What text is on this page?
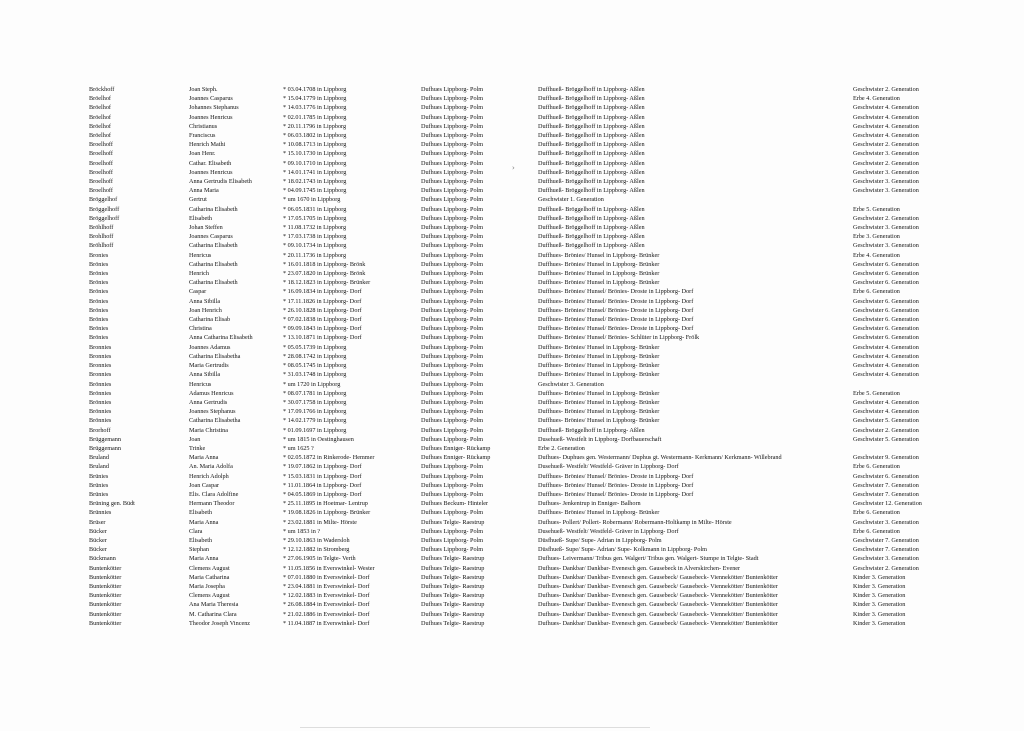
Bröckhoff	Joan Steph.	* 03.04.1708 in Lippborg	Dufhues Lippborg- Polm	Duffhueß- Bröggelhoff in Lippborg- Aßlen	Geschwister 2. Generation
Bröelhof	Joannes Casparus	* 15.04.1779 in Lippborg	Dufhues Lippborg- Polm	Duffhueß- Bröggelhoff in Lippborg- Aßlen	Erbe 4. Generation
Bröelhof	Johannes Stephanus	* 14.03.1776 in Lippborg	Dufhues Lippborg- Polm	Duffhueß- Bröggelhoff in Lippborg- Aßlen	Geschwister 4. Generation
Bröelhof	Joannes Henricus	* 02.01.1785 in Lippborg	Dufhues Lippborg- Polm	Duffhueß- Bröggelhoff in Lippborg- Aßlen	Geschwister 4. Generation
Bröelhof	Christianus	* 20.11.1796 in Lippborg	Dufhues Lippborg- Polm	Duffhueß- Bröggelhoff in Lippborg- Aßlen	Geschwister 4. Generation
Bröelhof	Franciscus	* 06.03.1802 in Lippborg	Dufhues Lippborg- Polm	Duffhueß- Bröggelhoff in Lippborg- Aßlen	Geschwister 4. Generation
Broelhoff	Henrich Mathi	* 10.08.1713 in Lippborg	Dufhues Lippborg- Polm	Duffhueß- Bröggelhoff in Lippborg- Aßlen	Geschwister 2. Generation
Broelhoff	Joan Henr.	* 15.10.1730 in Lippborg	Dufhues Lippborg- Polm	Duffhueß- Bröggelhoff in Lippborg- Aßlen	Geschwister 3. Generation
Broelhoff	Cathar. Elisabeth	* 09.10.1710 in Lippborg	Dufhues Lippborg- Polm	Duffhueß- Bröggelhoff in Lippborg- Aßlen	Geschwister 2. Generation
Broelhoff	Joannes Henricus	* 14.01.1741 in Lippborg	Dufhues Lippborg- Polm	Duffhueß- Bröggelhoff in Lippborg- Aßlen	Geschwister 3. Generation
Broelhoff	Anna Gertrudis Elisabeth	* 18.02.1743 in Lippborg	Dufhues Lippborg- Polm	Duffhueß- Bröggelhoff in Lippborg- Aßlen	Geschwister 3. Generation
Broelhoff	Anna Maria	* 04.09.1745 in Lippborg	Dufhues Lippborg- Polm	Duffhueß- Bröggelhoff in Lippborg- Aßlen	Geschwister 3. Generation
Bröggelhof	Gertrut	* um 1670 in Lippborg	Dufhues Lippborg- Polm	Geschwister 1. Generation	
Bröggelhoff	Catharina Elisabeth	* 06.05.1831 in Lippborg	Dufhues Lippborg- Polm	Duffhueß- Bröggelhoff in Lippborg- Aßlen	Erbe 5. Generation
Bröggelhoff	Elisabeth	* 17.05.1705 in Lippborg	Dufhues Lippborg- Polm	Duffhueß- Bröggelhoff in Lippborg- Aßlen	Geschwister 2. Generation
Bröhlhoff	Johan Steffen	* 11.08.1732 in Lippborg	Dufhues Lippborg- Polm	Duffhueß- Bröggelhoff in Lippborg- Aßlen	Geschwister 3. Generation
Brohlhoff	Joannes Casparus	* 17.03.1738 in Lippborg	Dufhues Lippborg- Polm	Duffhueß- Bröggelhoff in Lippborg- Aßlen	Erbe 3. Generation
Bröhlhoff	Catharina Elisabeth	* 09.10.1734 in Lippborg	Dufhues Lippborg- Polm	Duffhueß- Bröggelhoff in Lippborg- Aßlen	Geschwister 3. Generation
Bronies	Henricus	* 20.11.1736 in Lippborg	Dufhues Lippborg- Polm	Duffhues- Brönies/ Hunsel in Lippborg- Brünker	Erbe 4. Generation
Brönies	Catharina Elisabeth	* 16.01.1818 in Lippborg- Brönk	Dufhues Lippborg- Polm	Duffhues- Brönies/ Hunsel in Lippborg- Brünker	Geschwister 6. Generation
Brönies	Henrich	* 23.07.1820 in Lippborg- Brönk	Dufhues Lippborg- Polm	Duffhues- Brönies/ Hunsel in Lippborg- Brünker	Geschwister 6. Generation
Brönies	Catharina Elisabeth	* 18.12.1823 in Lippborg- Brünker	Dufhues Lippborg- Polm	Duffhues- Brönies/ Hunsel in Lippborg- Brünker	Geschwister 6. Generation
Brönies	Caspar	* 16.09.1834 in Lippborg- Dorf	Dufhues Lippborg- Polm	Duffhues- Brönies/ Hunsel/ Brönies- Droste in Lippborg- Dorf	Erbe 6. Generation
Brönies	Anna Sibilla	* 17.11.1826 in Lippborg- Dorf	Dufhues Lippborg- Polm	Duffhues- Brönies/ Hunsel/ Brönies- Droste in Lippborg- Dorf	Geschwister 6. Generation
Brönies	Joan Henrich	* 26.10.1828 in Lippborg- Dorf	Dufhues Lippborg- Polm	Duffhues- Brönies/ Hunsel/ Brönies- Droste in Lippborg- Dorf	Geschwister 6. Generation
Brönies	Catharina Elisab	* 07.02.1838 in Lippborg- Dorf	Dufhues Lippborg- Polm	Duffhues- Brönies/ Hunsel/ Brönies- Droste in Lippborg- Dorf	Geschwister 6. Generation
Brönies	Christina	* 09.09.1843 in Lippborg- Dorf	Dufhues Lippborg- Polm	Duffhues- Brönies/ Hunsel/ Brönies- Droste in Lippborg- Dorf	Geschwister 6. Generation
Brönies	Anna Catharina Elisabeth	* 13.10.1871 in Lippborg- Dorf	Dufhues Lippborg- Polm	Duffhues- Brönies/ Hunsel/ Brönies- Schlüter in Lippborg- Frölk	Geschwister 6. Generation
Bronnies	Joannes Adamus	* 05.05.1739 in Lippborg	Dufhues Lippborg- Polm	Duffhues- Brönies/ Hunsel in Lippborg- Brünker	Geschwister 4. Generation
Bronnies	Catharina Elisabetha	* 28.08.1742 in Lippborg	Dufhues Lippborg- Polm	Duffhues- Brönies/ Hunsel in Lippborg- Brünker	Geschwister 4. Generation
Bronnies	Maria Gertrudis	* 08.05.1745 in Lippborg	Dufhues Lippborg- Polm	Duffhues- Brönies/ Hunsel in Lippborg- Brünker	Geschwister 4. Generation
Bronnies	Anna Sibilla	* 31.03.1748 in Lippborg	Dufhues Lippborg- Polm	Duffhues- Brönies/ Hunsel in Lippborg- Brünker	Geschwister 4. Generation
Brönnies	Henricus	* um 1720 in Lippborg	Dufhues Lippborg- Polm	Geschwister 3. Generation	
Brönnies	Adamus Henricus	* 08.07.1781 in Lippborg	Dufhues Lippborg- Polm	Duffhues- Brönies/ Hunsel in Lippborg- Brünker	Erbe 5. Generation
Brönnies	Anna Gertrudis	* 30.07.1758 in Lippborg	Dufhues Lippborg- Polm	Duffhues- Brönies/ Hunsel in Lippborg- Brünker	Geschwister 4. Generation
Brönnies	Joannes Stephanus	* 17.09.1766 in Lippborg	Dufhues Lippborg- Polm	Duffhues- Brönies/ Hunsel in Lippborg- Brünker	Geschwister 4. Generation
Brönnies	Catharina Elisabetha	* 14.02.1779 in Lippborg	Dufhues Lippborg- Polm	Duffhues- Brönies/ Hunsel in Lippborg- Brünker	Geschwister 5. Generation
Brorhoff	Maria Christina	* 01.09.1697 in Lippborg	Dufhues Lippborg- Polm	Duffhueß- Bröggelhoff in Lippborg- Aßlen	Geschwister 2. Generation
Brüggemann	Joan	* um 1815 in Oestinghausen	Dufhues Lippborg- Polm	Dusehueß- Westfelt in Lippborg- Dorfbauerschaft	Geschwister 5. Generation
Brüggemann	Trinke	* um 1625 ?	Dufhues Enniger- Rückamp	Erbe 2. Generation	
Bruland	Maria Anna	* 02.05.1872 in Rinkerode- Hemmer	Dufhues Enniger- Rückamp	Dufhues- Duphues gen. Westermann/ Duphus gt. Westermann- Kerkmann/ Kerkmann- Willebrand	Geschwister 9. Generation
Bruland	An. Maria Adolfa	* 19.07.1862 in Lippborg- Dorf	Dufhues Lippborg- Polm	Dusehueß- Westfelt/ Westfeld- Gräver in Lippborg- Dorf	Erbe 6. Generation
Brünies	Henrich Adolph	* 15.03.1831 in Lippborg- Dorf	Dufhues Lippborg- Polm	Duffhues- Brönies/ Hunsel/ Brönies- Droste in Lippborg- Dorf	Geschwister 6. Generation
Brünies	Joan Caspar	* 11.01.1864 in Lippborg- Dorf	Dufhues Lippborg- Polm	Duffhues- Brönies/ Hunsel/ Brönies- Droste in Lippborg- Dorf	Geschwister 7. Generation
Brünies	Elis. Clara Adolfine	* 04.05.1869 in Lippborg- Dorf	Dufhues Lippborg- Polm	Duffhues- Brönies/ Hunsel/ Brönies- Droste in Lippborg- Dorf	Geschwister 7. Generation
Brüning gen. Büdt	Hermann Theodor	* 25.11.1895 in Hoetmar- Lentrup	Dufhues Beckum- Hinteler	Dufhues- Jenkentrup in Enniger- Balhorn	Geschwister 12. Generation
Brünnies	Elisabeth	* 19.08.1826 in Lippborg- Brünker	Dufhues Lippborg- Polm	Duffhues- Brönies/ Hunsel in Lippborg- Brünker	Erbe 6. Generation
Brüser	Maria Anna	* 23.02.1881 in Milte- Hörste	Dufhues Telgte- Raestrup	Dufhues- Pollert/ Pollert- Robermann/ Robermann-Holtkamp in Milte- Hörste	Geschwister 3. Generation
Bücker	Clara	* um 1853 in ?	Dufhues Lippborg- Polm	Dusehueß- Westfelt/ Westfeld- Gräver in Lippborg- Dorf	Erbe 6. Generation
Bücker	Elisabeth	* 29.10.1863 in Wadersloh	Dufhues Lippborg- Polm	Düsfhueß- Supe/ Supe- Adrian in Lippborg- Polm	Geschwister 7. Generation
Bücker	Stephan	* 12.12.1882 in Stromberg	Dufhues Lippborg- Polm	Düsfhueß- Supe/ Supe- Adrian/ Supe- Kolkmann in Lippborg- Polm	Geschwister 7. Generation
Bückmann	Maria Anna	* 27.06.1905 in Telgte- Verth	Dufhues Telgte- Raestrup	Dufhues- Leivermann/ Tribus gen. Walgert/ Tribus gen. Walgert- Stumpe in Telgte- Stadt	Geschwister 3. Generation
Buntenkötter	Clemens August	* 11.05.1856 in Everswinkel- Wester	Dufhues Telgte- Raestrup	Dufhues- Dankbar/ Dankbar- Evenesch gen. Gausebeck in Alverskirchen- Evener	Geschwister 2. Generation
Buntenkötter	Maria Catharina	* 07.01.1880 in Everswinkel- Dorf	Dufhues Telgte- Raestrup	Dufhues- Dankbar/ Dankbar- Evenesch gen. Gausebeck/ Gausebeck- Viennekötter/ Buntenkötter	Kinder 3. Generation
Buntenkötter	Maria Josepha	* 23.04.1881 in Everswinkel- Dorf	Dufhues Telgte- Raestrup	Dufhues- Dankbar/ Dankbar- Evenesch gen. Gausebeck/ Gausebeck- Viennekötter/ Buntenkötter	Kinder 3. Generation
Buntenkötter	Clemens August	* 12.02.1883 in Everswinkel- Dorf	Dufhues Telgte- Raestrup	Dufhues- Dankbar/ Dankbar- Evenesch gen. Gausebeck/ Gausebeck- Viennekötter/ Buntenkötter	Kinder 3. Generation
Buntenkötter	Ana Maria Theresia	* 26.08.1884 in Everswinkel- Dorf	Dufhues Telgte- Raestrup	Dufhues- Dankbar/ Dankbar- Evenesch gen. Gausebeck/ Gausebeck- Viennekötter/ Buntenkötter	Kinder 3. Generation
Buntenkötter	M. Catharina Clara	* 21.02.1886 in Everswinkel- Dorf	Dufhues Telgte- Raestrup	Dufhues- Dankbar/ Dankbar- Evenesch gen. Gausebeck/ Gausebeck- Viennekötter/ Buntenkötter	Kinder 3. Generation
Buntenkötter	Theodor Joseph Vincenz	* 11.04.1887 in Everswinkel- Dorf	Dufhues Telgte- Raestrup	Dufhues- Dankbar/ Dankbar- Evenesch gen. Gausebeck/ Gausebeck- Viennekötter/ Buntenkötter	Kinder 3. Generation
›
